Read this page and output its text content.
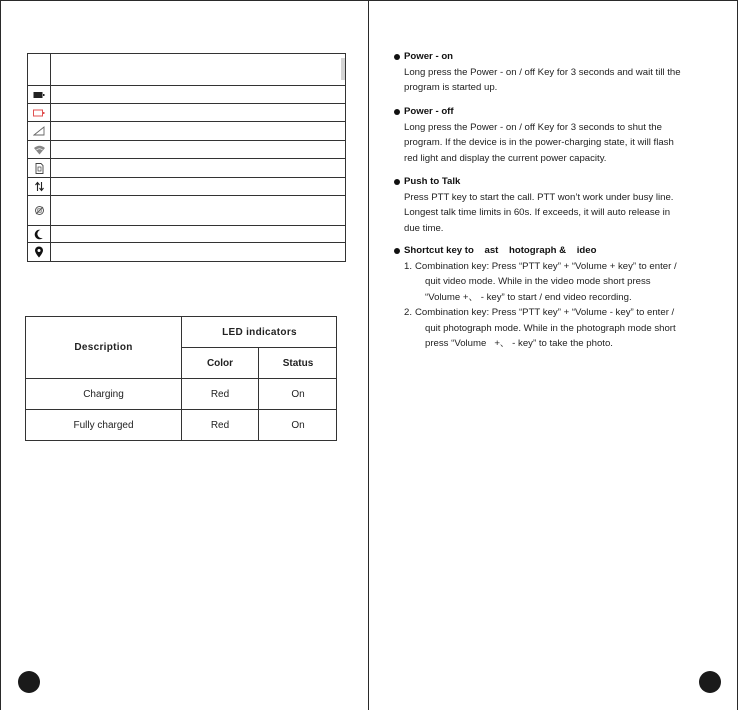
Description
LED indicators
Color	Status
Charging	Red	On
Fully charged	Red	On
Power - on
Long press the Power - on / off Key for 3 seconds and wait till the
program is started up.
Power - off
Long press the Power - on / off Key for 3 seconds to shut the
program. If the device is in the power-charging state, it will flash
red light and display the current power capacity.
Push to Talk
Press PTT key to start the call. PTT won’t work under busy line.
Longest talk time limits in 60s. If exceeds, it will auto release in
due time.
Shortcut key to    ast    hotograph &    ideo
1. Combination key: Press “PTT key” + “Volume + key” to enter /
quit video mode. While in the video mode short press
“Volume +、 - key” to start / end video recording.
2. Combination key: Press “PTT key” + “Volume - key” to enter /
quit photograph mode. While in the photograph mode short
press “Volume   +、 - key” to take the photo.
